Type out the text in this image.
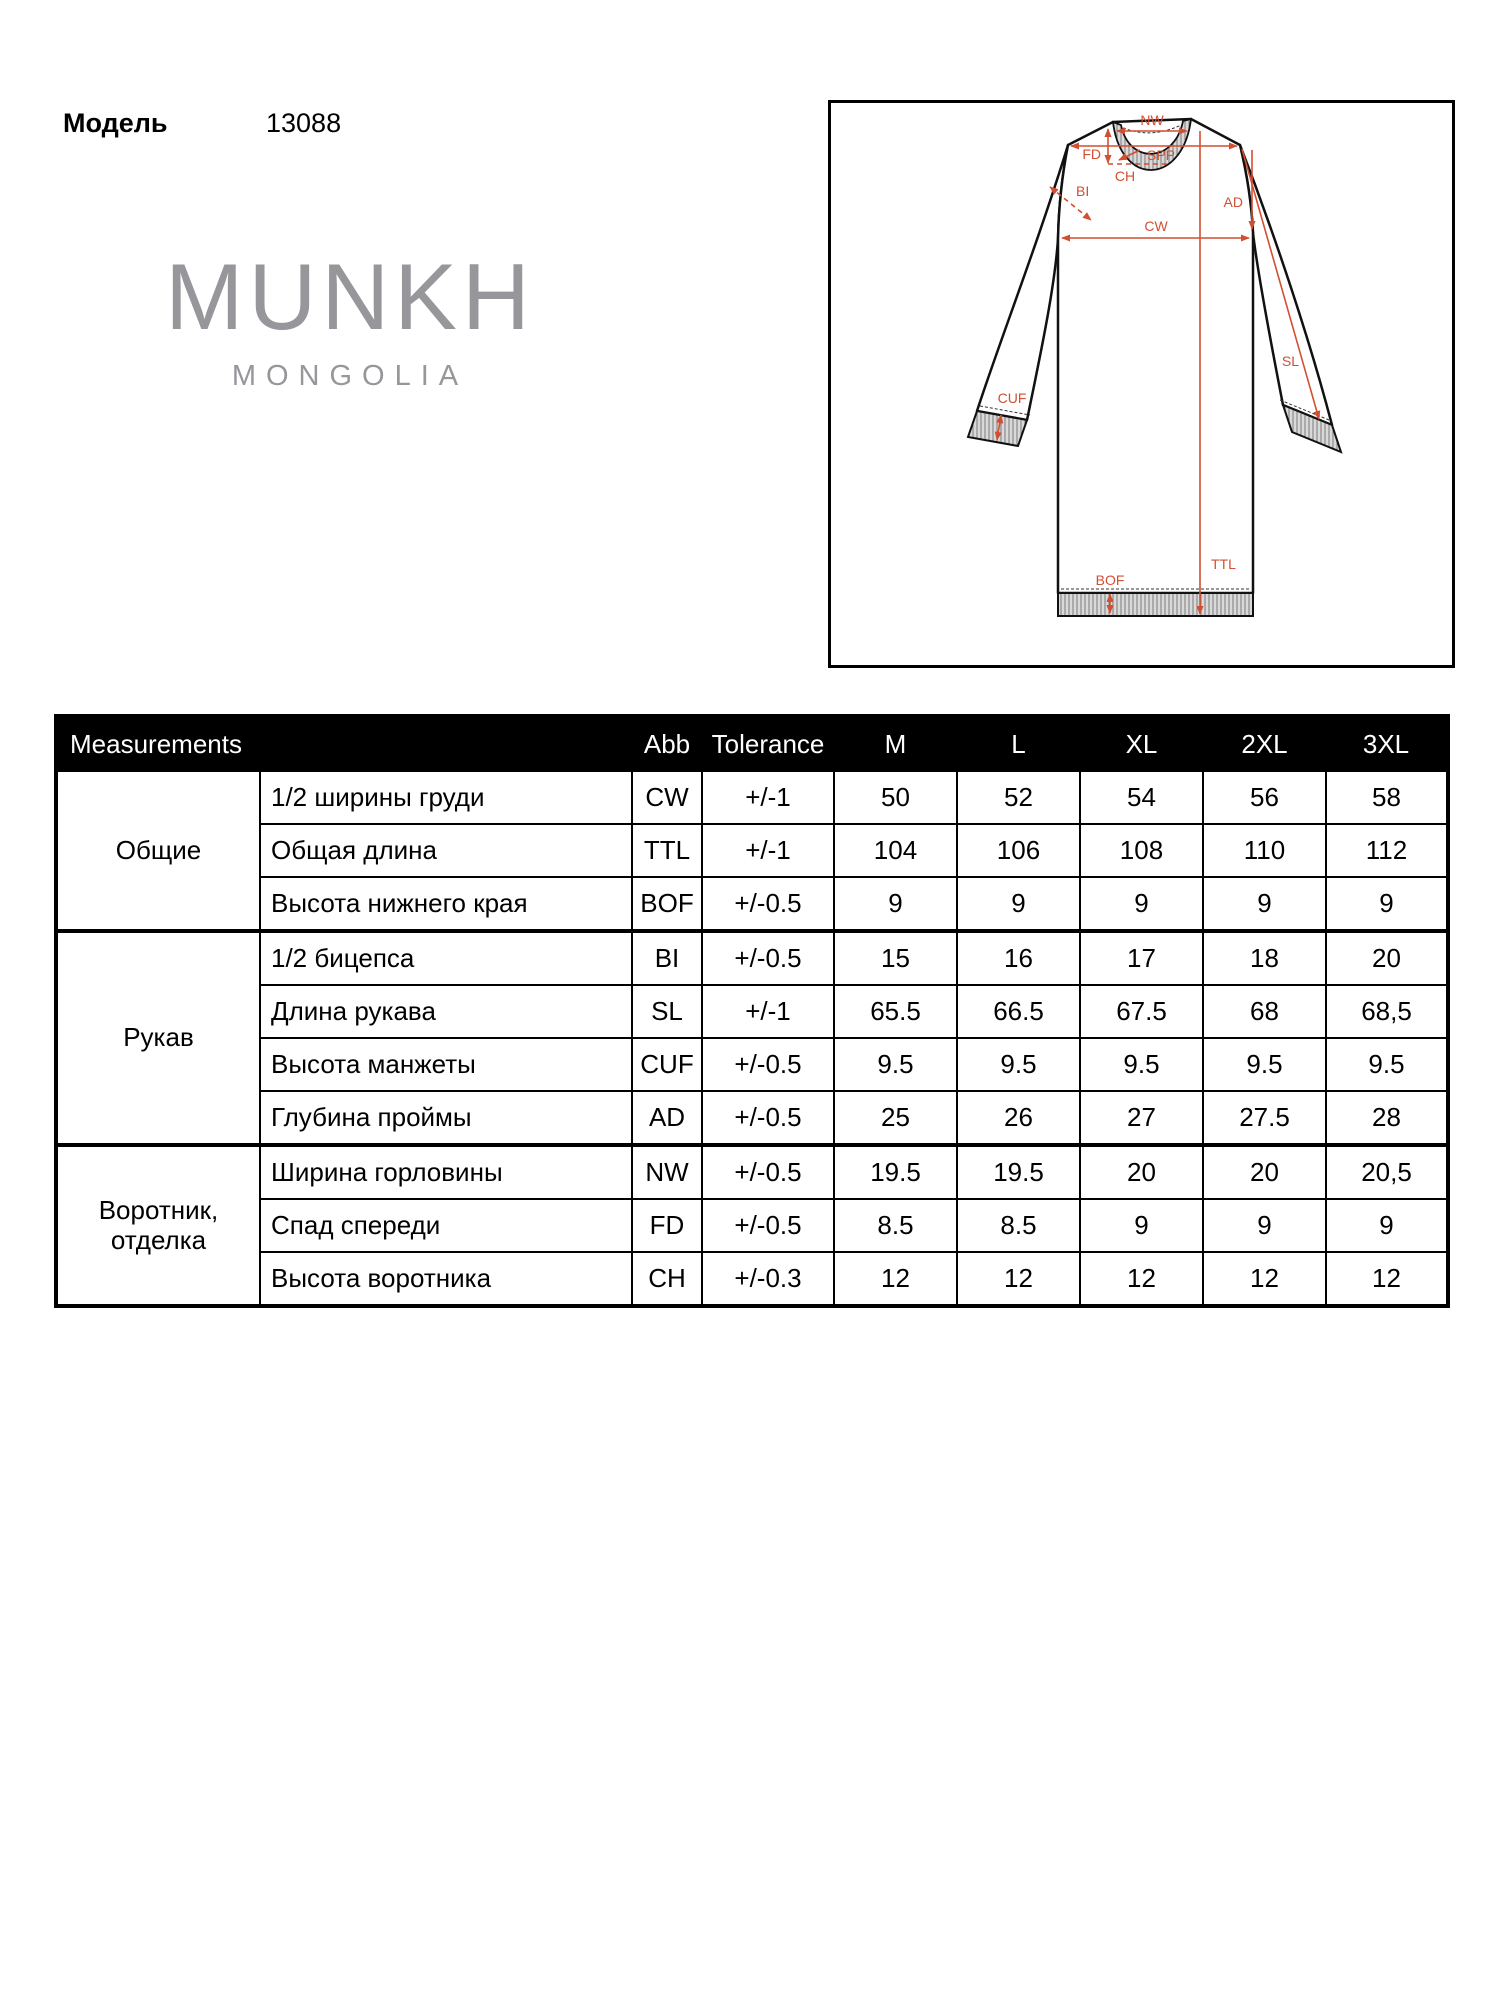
Модель	13088
MUNKH
MONGOLIA
NW
SPP
FD
CH
BI
CW
AD
SL
CUF
BOF
TTL
Measurements		Abb	Tolerance	M	L	XL	2XL	3XL
Общие	1/2 ширины груди	CW	+/-1	50	52	54	56	58
	Общая длина	TTL	+/-1	104	106	108	110	112
	Высота нижнего края	BOF	+/-0.5	9	9	9	9	9
Рукав	1/2 бицепса	BI	+/-0.5	15	16	17	18	20
	Длина рукава	SL	+/-1	65.5	66.5	67.5	68	68,5
	Высота манжеты	CUF	+/-0.5	9.5	9.5	9.5	9.5	9.5
	Глубина проймы	AD	+/-0.5	25	26	27	27.5	28
Воротник, отделка	Ширина горловины	NW	+/-0.5	19.5	19.5	20	20	20,5
	Спад спереди	FD	+/-0.5	8.5	8.5	9	9	9
	Высота воротника	CH	+/-0.3	12	12	12	12	12
